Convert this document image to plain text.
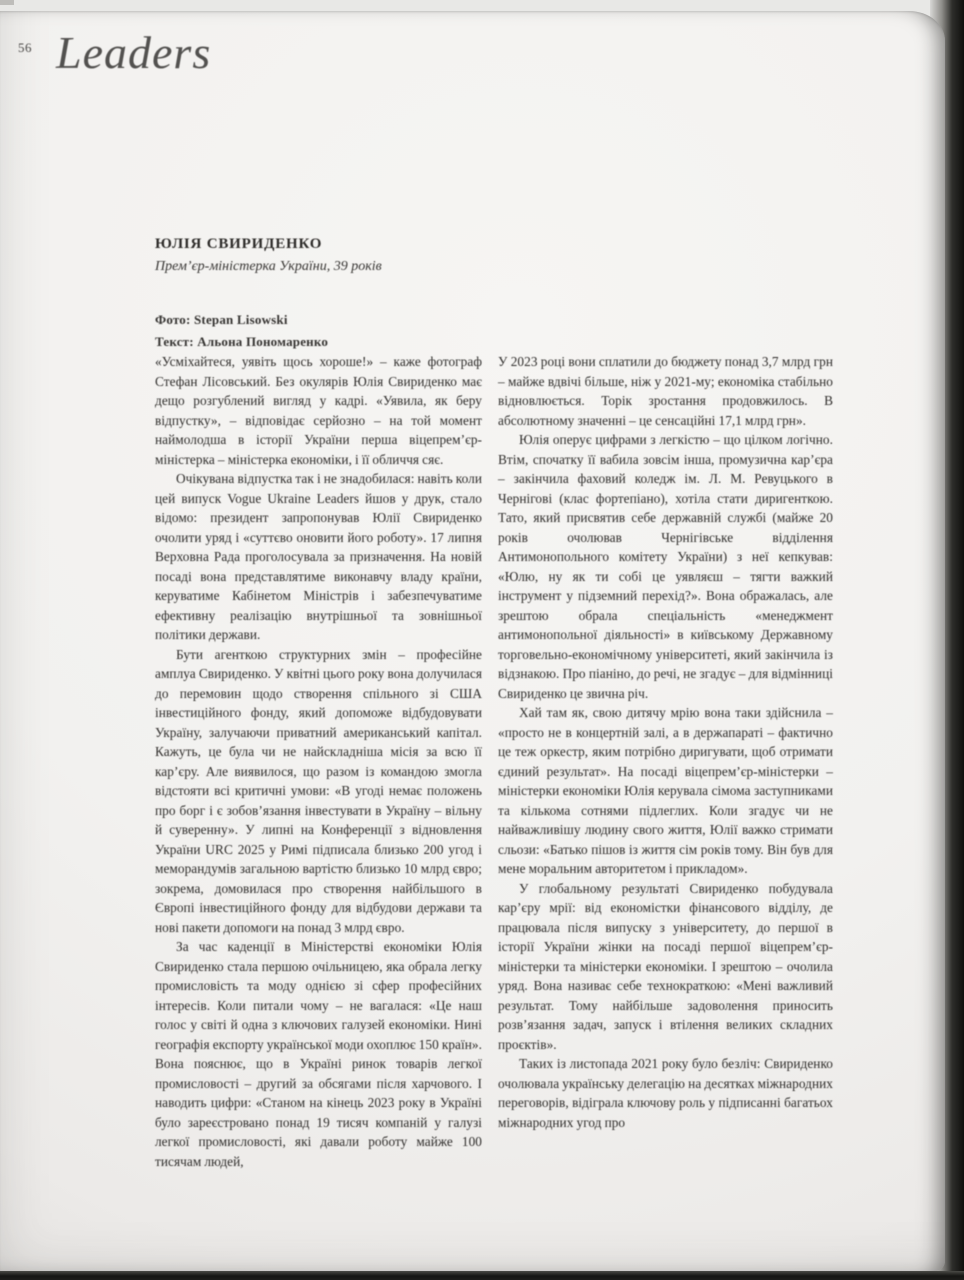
56 Leaders
ЮЛІЯ СВИРИДЕНКО
Прем’єр-міністерка України, 39 років
Фото: Stepan Lisowski
Текст: Альона Пономаренко

«Усміхайтеся, уявіть щось хороше!» – каже фотограф Стефан Лісовський. Без окулярів Юлія Свириденко має дещо розгублений вигляд у кадрі. «Уявила, як беру відпустку», – відповідає серйозно – на той момент наймолодша в історії України перша віцепрем’єр-міністерка – міністерка економіки, і її обличчя сяє.

Очікувана відпустка так і не знадобилася: навіть коли цей випуск Vogue Ukraine Leaders йшов у друк, стало відомо: президент запропонував Юлії Свириденко очолити уряд і «суттєво оновити його роботу». 17 липня Верховна Рада проголосувала за призначення. На новій посаді вона представлятиме виконавчу владу країни, керуватиме Кабінетом Міністрів і забезпечуватиме ефективну реалізацію внутрішньої та зовнішньої політики держави.

Бути агенткою структурних змін – професійне амплуа Свириденко. У квітні цього року вона долучилася до перемовин щодо створення спільного зі США інвестиційного фонду, який допоможе відбудовувати Україну, залучаючи приватний американський капітал. Кажуть, це була чи не найскладніша місія за всю її кар’єру. Але виявилося, що разом із командою змогла відстояти всі критичні умови: «В угоді немає положень про борг і є зобов’язання інвестувати в Україну – вільну й суверенну». У липні на Конференції з відновлення України URC 2025 у Римі підписала близько 200 угод і меморандумів загальною вартістю близько 10 млрд євро; зокрема, домовилася про створення найбільшого в Європі інвестиційного фонду для відбудови держави та нові пакети допомоги на понад 3 млрд євро.

За час каденції в Міністерстві економіки Юлія Свириденко стала першою очільницею, яка обрала легку промисловість та моду однією зі сфер професійних інтересів. Коли питали чому – не вагалася: «Це наш голос у світі й одна з ключових галузей економіки. Нині географія експорту української моди охоплює 150 країн». Вона пояснює, що в Україні ринок товарів легкої промисловості – другий за обсягами після харчового. І наводить цифри: «Станом на кінець 2023 року в Україні було зареєстровано понад 19 тисяч компаній у галузі легкої промисловості, які давали роботу майже 100 тисячам людей,

У 2023 році вони сплатили до бюджету понад 3,7 млрд грн – майже вдвічі більше, ніж у 2021-му; економіка стабільно відновлюється. Торік зростання продовжилось. В абсолютному значенні – це сенсаційні 17,1 млрд грн».

Юлія оперує цифрами з легкістю – що цілком логічно. Втім, спочатку її вабила зовсім інша, промузична кар’єра – закінчила фаховий коледж ім. Л. М. Ревуцького в Чернігові (клас фортепіано), хотіла стати диригенткою. Тато, який присвятив себе державній службі (майже 20 років очолював Чернігівське відділення Антимонопольного комітету України) з неї кепкував: «Юлю, ну як ти собі це уявляєш – тягти важкий інструмент у підземний перехід?». Вона ображалась, але зрештою обрала спеціальність «менеджмент антимонопольної діяльності» в київському Державному торговельно-економічному університеті, який закінчила із відзнакою. Про піаніно, до речі, не згадує – для відмінниці Свириденко це звична річ.

Хай там як, свою дитячу мрію вона таки здійснила – «просто не в концертній залі, а в держапараті – фактично це теж оркестр, яким потрібно диригувати, щоб отримати єдиний результат». На посаді віцепрем’єр-міністерки – міністерки економіки Юлія керувала сімома заступниками та кількома сотнями підлеглих. Коли згадує чи не найважливішу людину свого життя, Юлії важко стримати сльози: «Батько пішов із життя сім років тому. Він був для мене моральним авторитетом і прикладом».

У глобальному результаті Свириденко побудувала кар’єру мрії: від економістки фінансового відділу, де працювала після випуску з університету, до першої в історії України жінки на посаді першої віцепрем’єр-міністерки та міністерки економіки. І зрештою – очолила уряд. Вона називає себе технократкою: «Мені важливий результат. Тому найбільше задоволення приносить розв’язання задач, запуск і втілення великих складних проєктів».

Таких із листопада 2021 року було безліч: Свириденко очолювала українську делегацію на десятках міжнародних переговорів, відіграла ключову роль у підписанні багатьох міжнародних угод про
